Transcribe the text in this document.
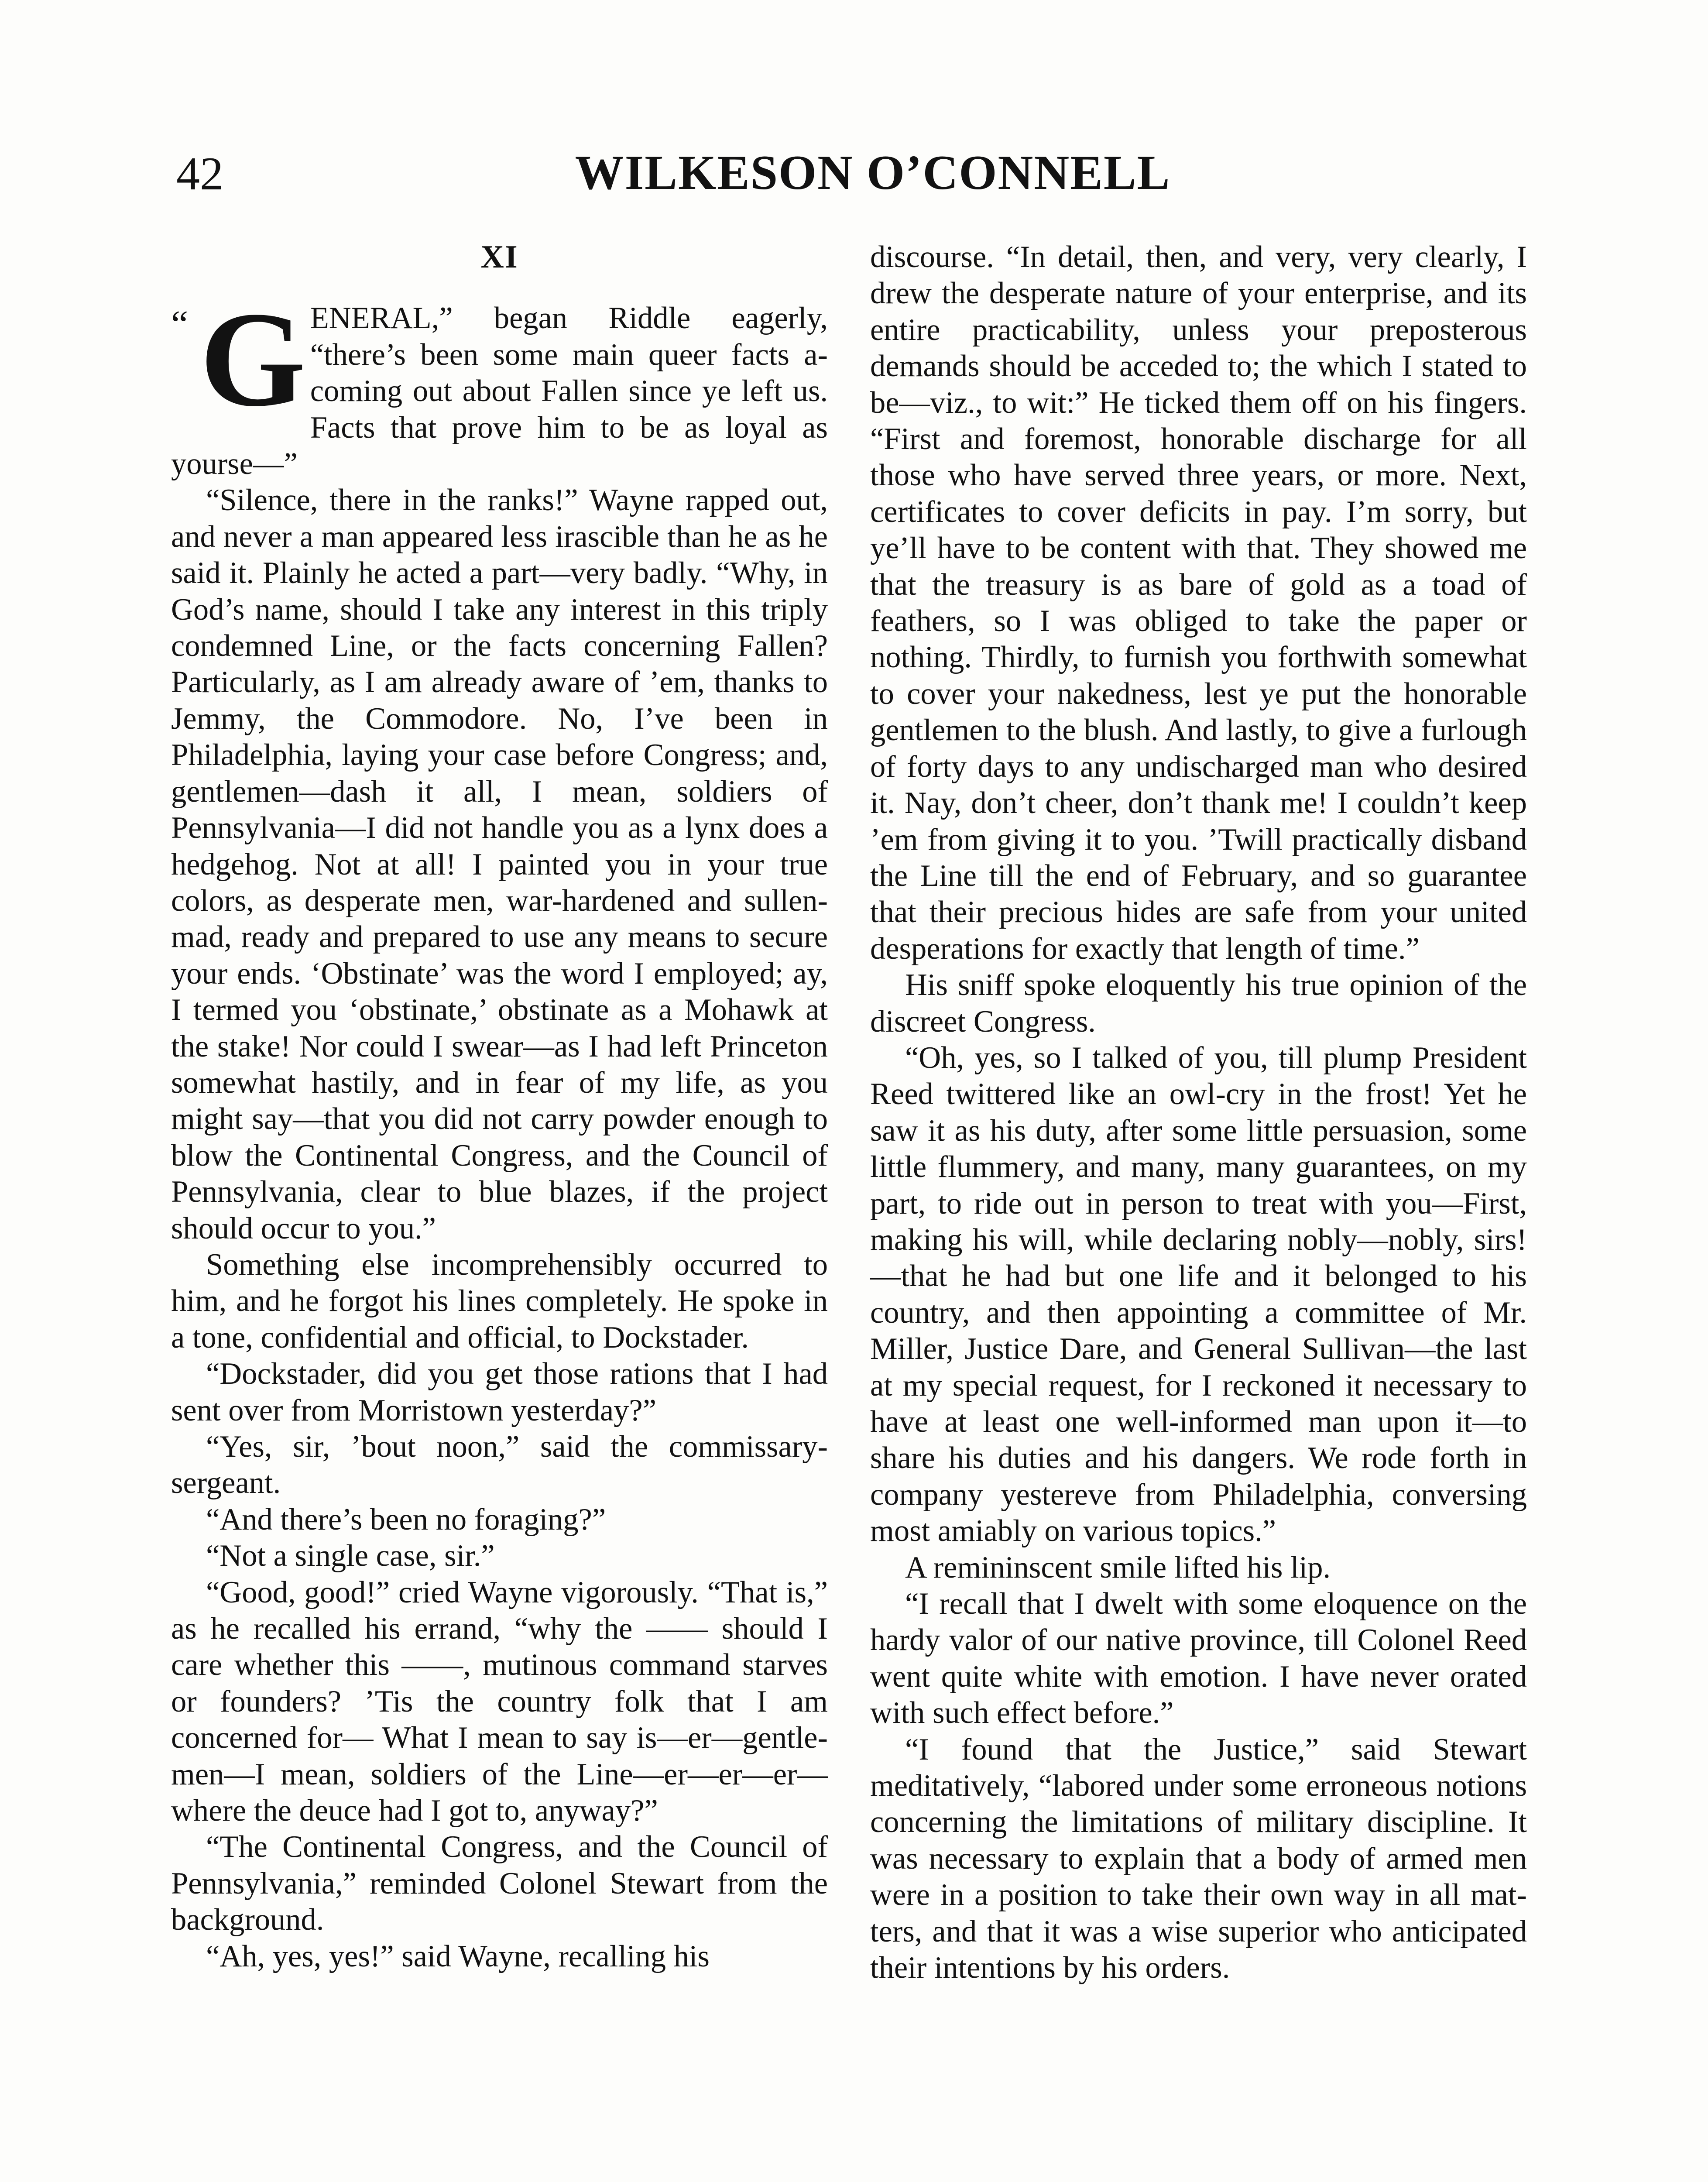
42	WILKESON O’CONNELL
XI

“ G ENERAL,” began Riddle eagerly, “there’s been some main queer facts a-coming out about Fallen since ye left us. Facts that prove him to be as loyal as yourse—”

“Silence, there in the ranks!” Wayne rapped out, and never a man appeared less irascible than he as he said it. Plainly he acted a part—very badly. “Why, in God’s name, should I take any interest in this triply condemned Line, or the facts concerning Fallen? Particularly, as I am already aware of ’em, thanks to Jemmy, the Commodore. No, I’ve been in Philadelphia, laying your case before Congress; and, gentlemen—dash it all, I mean, soldiers of Pennsylvania—I did not handle you as a lynx does a hedgehog. Not at all! I painted you in your true colors, as desperate men, war-hardened and sullen-mad, ready and prepared to use any means to secure your ends. ‘Obstinate’ was the word I employed; ay, I termed you ‘obstinate,’ obstinate as a Mohawk at the stake! Nor could I swear—as I had left Princeton somewhat hastily, and in fear of my life, as you might say—that you did not carry powder enough to blow the Continental Congress, and the Council of Pennsylvania, clear to blue blazes, if the project should occur to you.”

Something else incomprehensibly occurred to him, and he forgot his lines completely. He spoke in a tone, confidential and official, to Dockstader.

“Dockstader, did you get those rations that I had sent over from Morristown yesterday?”

“Yes, sir, ’bout noon,” said the commissary-sergeant.

“And there’s been no foraging?”

“Not a single case, sir.”

“Good, good!” cried Wayne vigorously. “That is,” as he recalled his errand, “why the —— should I care whether this ——, mutinous command starves or founders? ’Tis the country folk that I am concerned for— What I mean to say is—er—gentlemen—I mean, soldiers of the Line—er—er—er—where the deuce had I got to, anyway?”

“The Continental Congress, and the Council of Pennsylvania,” reminded Colonel Stewart from the background.

“Ah, yes, yes!” said Wayne, recalling his

discourse. “In detail, then, and very, very clearly, I drew the desperate nature of your enterprise, and its entire practicability, unless your preposterous demands should be acceded to; the which I stated to be—viz., to wit:” He ticked them off on his fingers. “First and foremost, honorable discharge for all those who have served three years, or more. Next, certificates to cover deficits in pay. I’m sorry, but ye’ll have to be content with that. They showed me that the treasury is as bare of gold as a toad of feathers, so I was obliged to take the paper or nothing. Thirdly, to furnish you forthwith somewhat to cover your nakedness, lest ye put the honorable gentlemen to the blush. And lastly, to give a furlough of forty days to any undischarged man who desired it. Nay, don’t cheer, don’t thank me! I couldn’t keep ’em from giving it to you. ’Twill practically disband the Line till the end of February, and so guarantee that their precious hides are safe from your united desperations for exactly that length of time.”

His sniff spoke eloquently his true opinion of the discreet Congress.

“Oh, yes, so I talked of you, till plump President Reed twittered like an owl-cry in the frost! Yet he saw it as his duty, after some little persuasion, some little flummery, and many, many guarantees, on my part, to ride out in person to treat with you—First, making his will, while declaring nobly—nobly, sirs!—that he had but one life and it belonged to his country, and then appointing a committee of Mr. Miller, Justice Dare, and General Sullivan—the last at my special request, for I reckoned it necessary to have at least one well-informed man upon it—to share his duties and his dangers. We rode forth in company yestereve from Philadelphia, conversing most amiably on various topics.”

A remininscent smile lifted his lip.

“I recall that I dwelt with some eloquence on the hardy valor of our native province, till Colonel Reed went quite white with emotion. I have never orated with such effect before.”

“I found that the Justice,” said Stewart meditatively, “labored under some erroneous notions concerning the limitations of military discipline. It was necessary to explain that a body of armed men were in a position to take their own way in all matters, and that it was a wise superior who anticipated their intentions by his orders.
